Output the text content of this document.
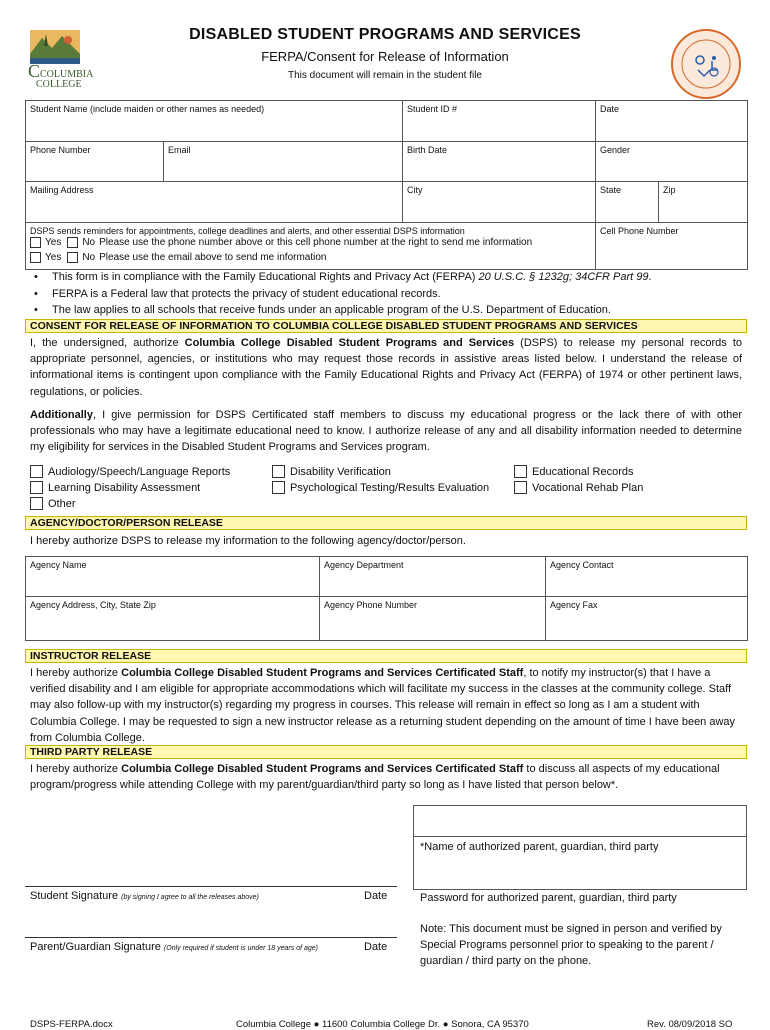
CCOLUMBIA
COLLEGE
DISABLED STUDENT PROGRAMS AND SERVICES
FERPA/Consent for Release of Information
This document will remain in the student file
Student Name (include maiden or other names as needed)		Student ID #	Date	
Phone Number	Email	Birth Date	Gender	
Mailing Address		City	State	Zip
DSPS sends reminders for appointments, college deadlines and alerts, and other essential DSPS information			Cell Phone Number	
Yes No Please use the phone number above or this cell phone number at the right to send me information
Yes No Please use the email above to send me information
•	This form is in compliance with the Family Educational Rights and Privacy Act (FERPA) 20 U.S.C. § 1232g; 34CFR Part 99.
•	FERPA is a Federal law that protects the privacy of student educational records.
•	The law applies to all schools that receive funds under an applicable program of the U.S. Department of Education.
CONSENT FOR RELEASE OF INFORMATION TO COLUMBIA COLLEGE DISABLED STUDENT PROGRAMS AND SERVICES
I, the undersigned, authorize Columbia College Disabled Student Programs and Services (DSPS) to release my personal records to appropriate personnel, agencies, or institutions who may request those records in assistive areas listed below. I understand the release of informational items is contingent upon compliance with the Family Educational Rights and Privacy Act (FERPA) of 1974 or other pertinent laws, regulations, or policies.
Additionally, I give permission for DSPS Certificated staff members to discuss my educational progress or the lack there of with other professionals who may have a legitimate educational need to know. I authorize release of any and all disability information needed to determine my eligibility for services in the Disabled Student Programs and Services program.
Audiology/Speech/Language Reports
Learning Disability Assessment
Other
Disability Verification
Psychological Testing/Results Evaluation
Educational Records
Vocational Rehab Plan
AGENCY/DOCTOR/PERSON RELEASE
I hereby authorize DSPS to release my information to the following agency/doctor/person.
Agency Name	Agency Department	Agency Contact
Agency Address, City, State Zip	Agency Phone Number	Agency Fax
INSTRUCTOR RELEASE
I hereby authorize Columbia College Disabled Student Programs and Services Certificated Staff, to notify my instructor(s) that I have a verified disability and I am eligible for appropriate accommodations which will facilitate my success in the classes at the community college. Staff may also follow-up with my instructor(s) regarding my progress in courses. This release will remain in effect so long as I am a student with Columbia College. I may be requested to sign a new instructor release as a returning student depending on the amount of time I have been away from Columbia College.
THIRD PARTY RELEASE
I hereby authorize Columbia College Disabled Student Programs and Services Certificated Staff to discuss all aspects of my educational program/progress while attending College with my parent/guardian/third party so long as I have listed that person below*.
*Name of authorized parent, guardian, third party
Password for authorized parent, guardian, third party
Note: This document must be signed in person and verified by Special Programs personnel prior to speaking to the parent / guardian / third party on the phone.
Student Signature (by signing I agree to all the releases above)	Date
Parent/Guardian Signature (Only required if student is under 18 years of age)	Date
DSPS-FERPA.docx	Columbia College ● 11600 Columbia College Dr. ● Sonora, CA 95370	Rev. 08/09/2018 SO
